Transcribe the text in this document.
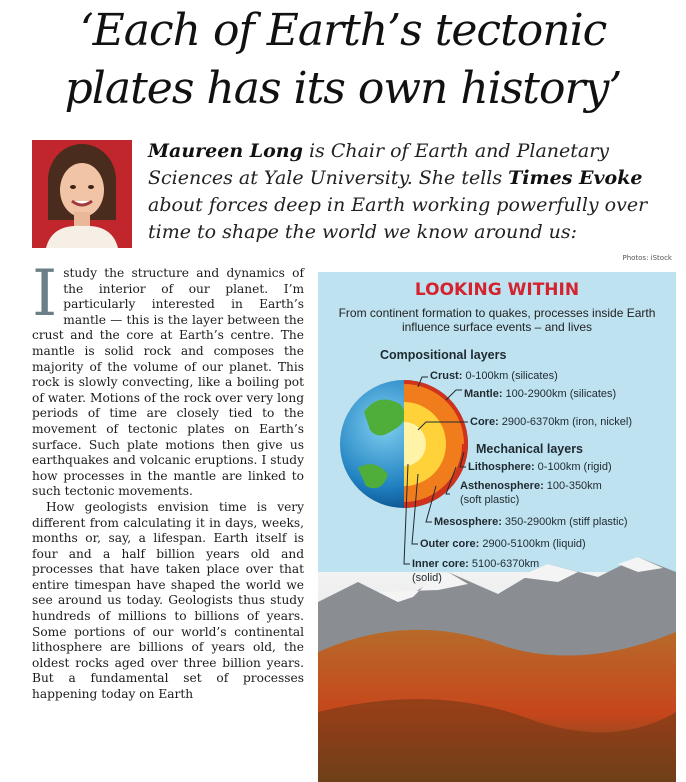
‘Each of Earth’s tectonic
plates has its own history’
Maureen Long is Chair of Earth and Planetary Sciences at Yale University. She tells Times Evoke about forces deep in Earth working powerfully over time to shape the world we know around us:
Photos: iStock

Istudy the structure and dynamics of the interior of our planet. I’m particularly interested in Earth’s mantle — this is the layer between the crust and the core at Earth’s centre. The mantle is solid rock and composes the majority of the volume of our planet. This rock is slowly convecting, like a boiling pot of water. Motions of the rock over very long periods of time are closely tied to the movement of tectonic plates on Earth’s surface. Such plate motions then give us earthquakes and volcanic eruptions. I study how processes in the mantle are linked to such tectonic movements.

How geologists envision time is very different from calculating it in days, weeks, months or, say, a lifespan. Earth itself is four and a half billion years old and processes that have taken place over that entire timespan have shaped the world we see around us today. Geologists thus study hundreds of millions to billions of years. Some portions of our world’s continental lithosphere are billions of years old, the oldest rocks aged over three billion years. But a fundamental set of processes happening today on Earth

LOOKING WITHIN
From continent formation to quakes, processes inside Earth influence surface events – and lives
Compositional layers
Crust: 0-100km (silicates)
Mantle: 100-2900km (silicates)
Core: 2900-6370km (iron, nickel)
Mechanical layers
Lithosphere: 0-100km (rigid)
Asthenosphere: 100-350km
(soft plastic)
Mesosphere: 350-2900km (stiff plastic)
Outer core: 2900-5100km (liquid)
Inner core: 5100-6370km
(solid)
